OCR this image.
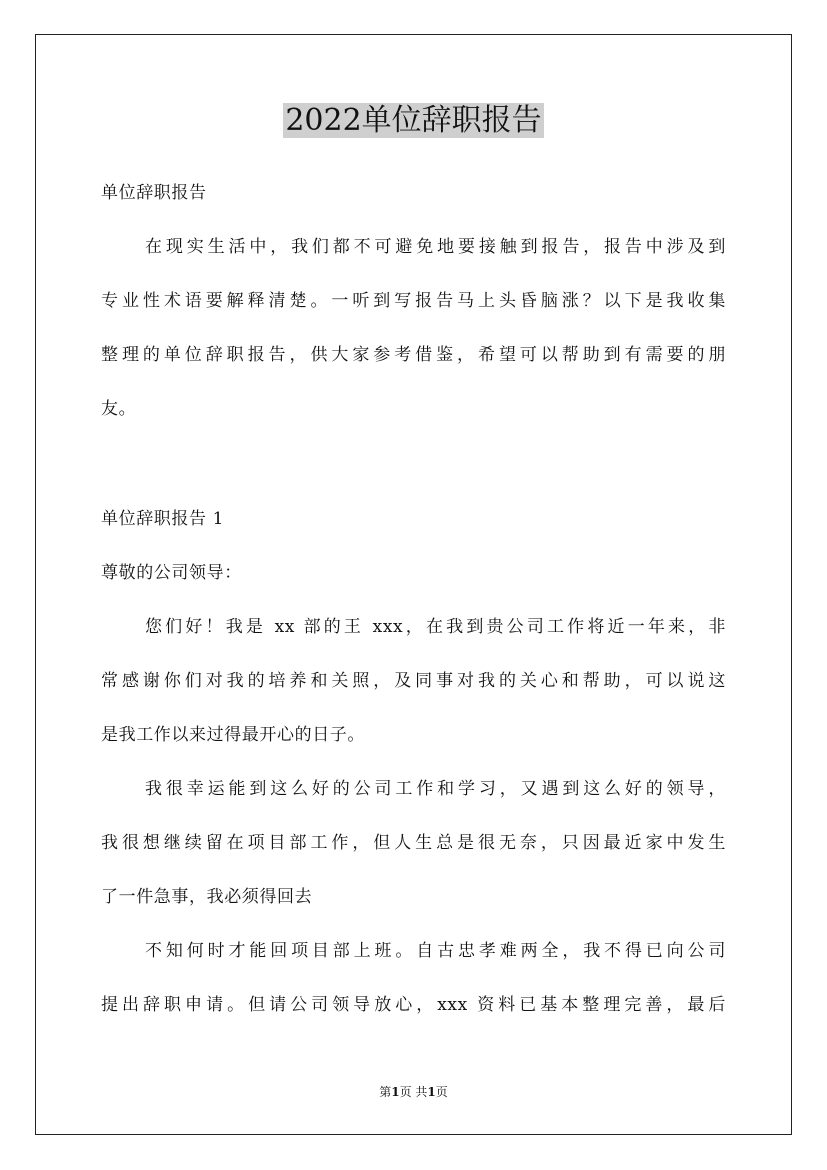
2022单位辞职报告
单位辞职报告
在现实生活中，我们都不可避免地要接触到报告，报告中涉及到
专业性术语要解释清楚。一听到写报告马上头昏脑涨？以下是我收集
整理的单位辞职报告，供大家参考借鉴，希望可以帮助到有需要的朋
友。
单位辞职报告 1
尊敬的公司领导：
您们好！我是 xx 部的王 xxx，在我到贵公司工作将近一年来，非
常感谢你们对我的培养和关照，及同事对我的关心和帮助，可以说这
是我工作以来过得最开心的日子。
我很幸运能到这么好的公司工作和学习，又遇到这么好的领导，
我很想继续留在项目部工作，但人生总是很无奈，只因最近家中发生
了一件急事，我必须得回去
不知何时才能回项目部上班。自古忠孝难两全，我不得已向公司
提出辞职申请。但请公司领导放心，xxx 资料已基本整理完善，最后
第1页 共1页
